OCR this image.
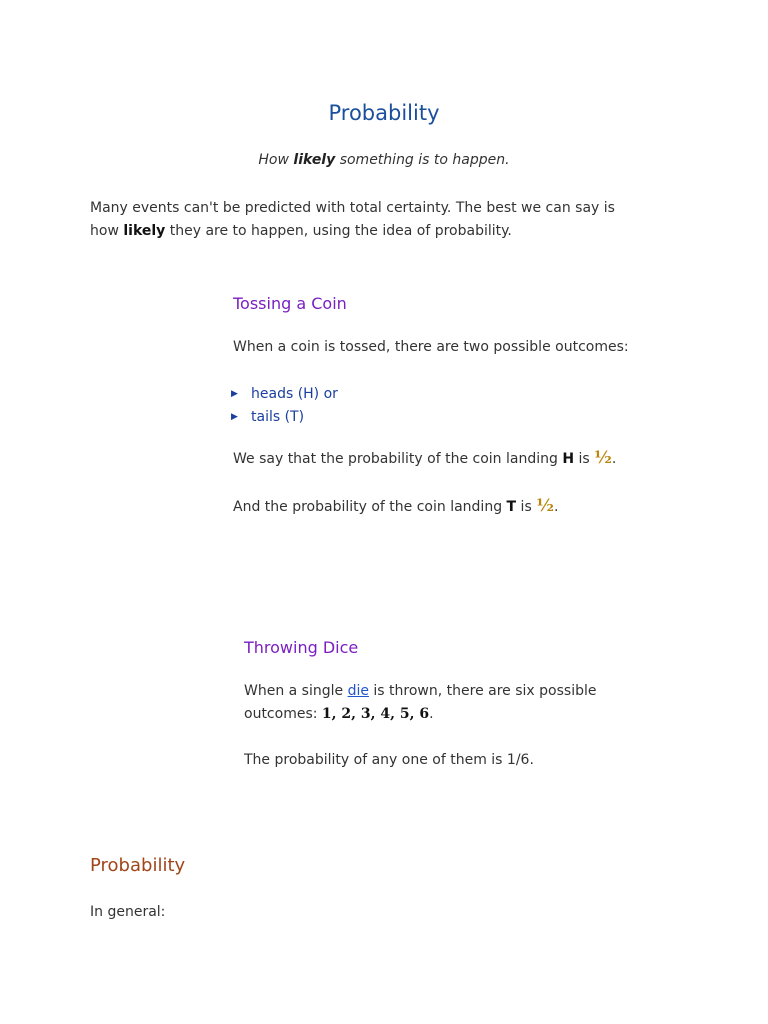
Probability
How likely something is to happen.
Many events can't be predicted with total certainty. The best we can say is
how likely they are to happen, using the idea of probability.
Tossing a Coin
When a coin is tossed, there are two possible outcomes:
▶ heads (H) or
▶ tails (T)
We say that the probability of the coin landing H is ½.
And the probability of the coin landing T is ½.
Throwing Dice
When a single die is thrown, there are six possible
outcomes: 1, 2, 3, 4, 5, 6.
The probability of any one of them is 1/6.
Probability
In general:
